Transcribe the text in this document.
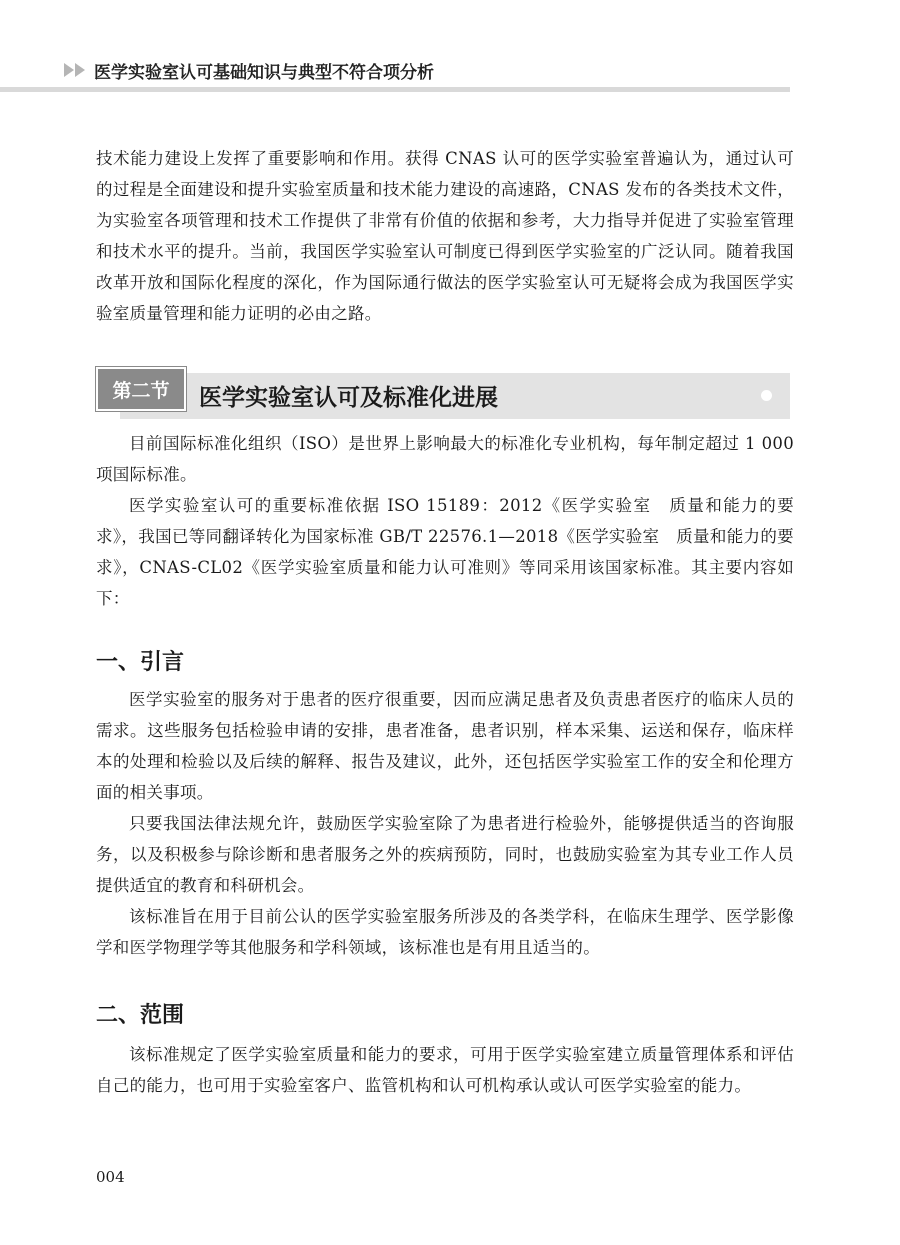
医学实验室认可基础知识与典型不符合项分析

技术能力建设上发挥了重要影响和作用。获得 CNAS 认可的医学实验室普遍认为，通过认可的过程是全面建设和提升实验室质量和技术能力建设的高速路，CNAS 发布的各类技术文件，为实验室各项管理和技术工作提供了非常有价值的依据和参考，大力指导并促进了实验室管理和技术水平的提升。当前，我国医学实验室认可制度已得到医学实验室的广泛认同。随着我国改革开放和国际化程度的深化，作为国际通行做法的医学实验室认可无疑将会成为我国医学实验室质量管理和能力证明的必由之路。

第二节	医学实验室认可及标准化进展

目前国际标准化组织（ISO）是世界上影响最大的标准化专业机构，每年制定超过 1 000 项国际标准。

医学实验室认可的重要标准依据 ISO 15189：2012《医学实验室　质量和能力的要求》，我国已等同翻译转化为国家标准 GB/T 22576.1—2018《医学实验室　质量和能力的要求》，CNAS-CL02《医学实验室质量和能力认可准则》等同采用该国家标准。其主要内容如下：

一、引言

医学实验室的服务对于患者的医疗很重要，因而应满足患者及负责患者医疗的临床人员的需求。这些服务包括检验申请的安排，患者准备，患者识别，样本采集、运送和保存，临床样本的处理和检验以及后续的解释、报告及建议，此外，还包括医学实验室工作的安全和伦理方面的相关事项。

只要我国法律法规允许，鼓励医学实验室除了为患者进行检验外，能够提供适当的咨询服务，以及积极参与除诊断和患者服务之外的疾病预防，同时，也鼓励实验室为其专业工作人员提供适宜的教育和科研机会。

该标准旨在用于目前公认的医学实验室服务所涉及的各类学科，在临床生理学、医学影像学和医学物理学等其他服务和学科领域，该标准也是有用且适当的。

二、范围

该标准规定了医学实验室质量和能力的要求，可用于医学实验室建立质量管理体系和评估自己的能力，也可用于实验室客户、监管机构和认可机构承认或认可医学实验室的能力。

004
